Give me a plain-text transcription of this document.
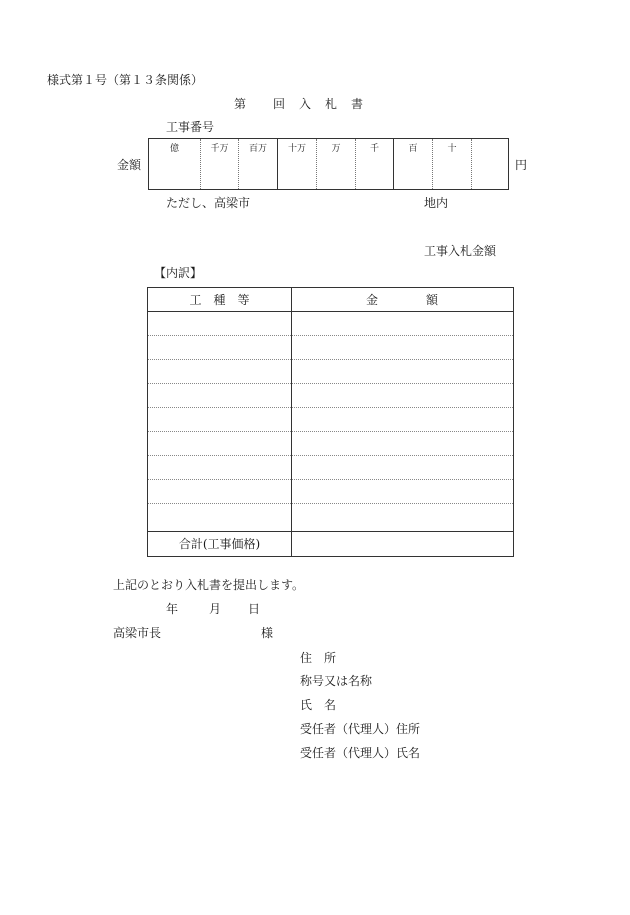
様式第１号（第１３条関係）
第　　回　入　札　書
工事番号
金額
億	千万	百万	十万	万	千	百	十
円
ただし、高梁市	地内
工事入札金額
【内訳】
工　種　等	金　　　　額
合計(工事価格)
上記のとおり入札書を提出します。
年	月 日
高梁市長	様
住　所
称号又は名称
氏　名
受任者（代理人）住所
受任者（代理人）氏名
